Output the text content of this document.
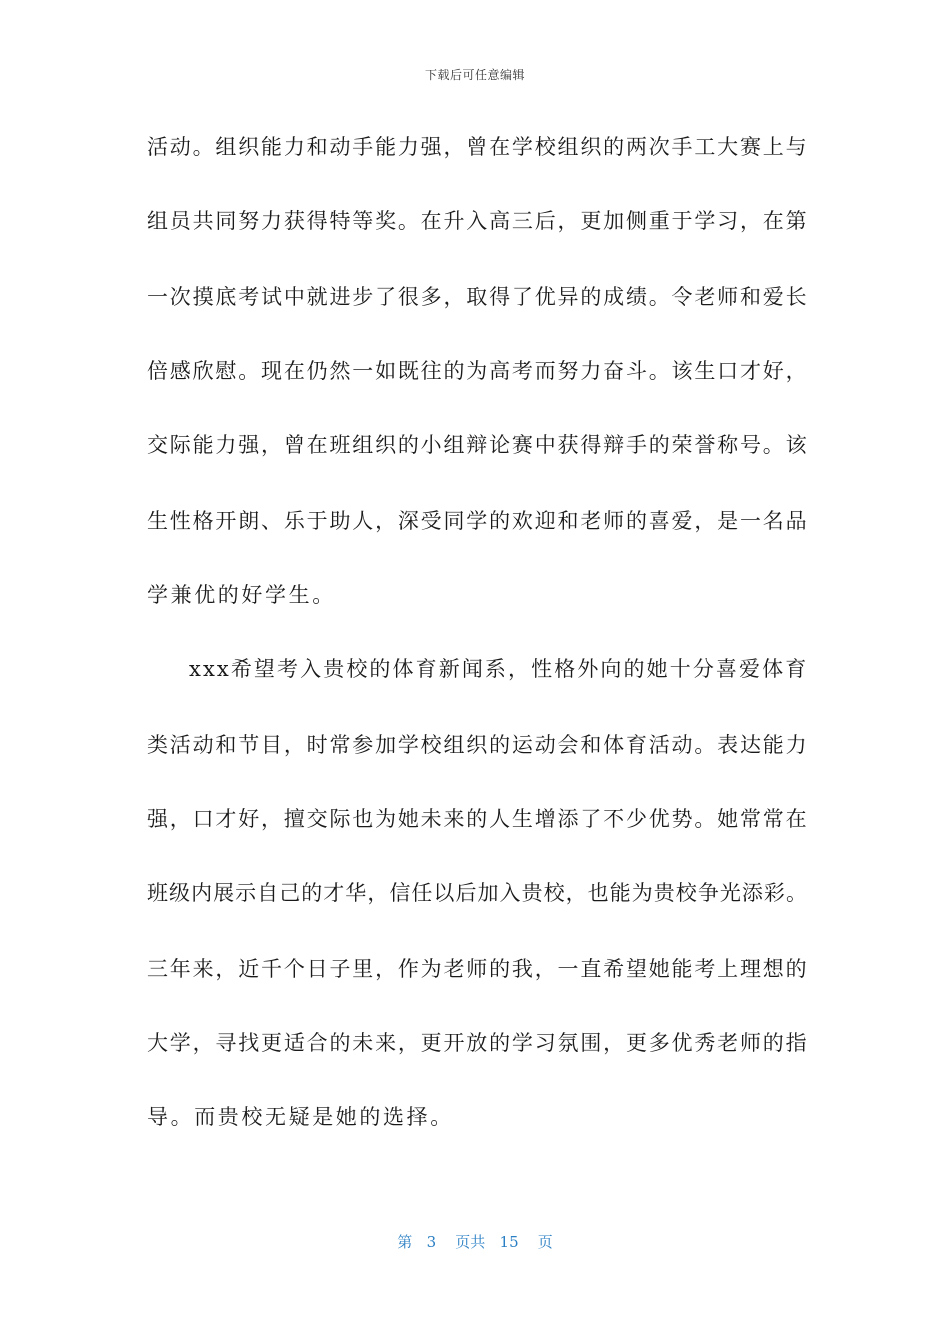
下载后可任意编辑
活动。组织能力和动手能力强，曾在学校组织的两次手工大赛上与
组员共同努力获得特等奖。在升入高三后，更加侧重于学习，在第
一次摸底考试中就进步了很多，取得了优异的成绩。令老师和爱长
倍感欣慰。现在仍然一如既往的为高考而努力奋斗。该生口才好，
交际能力强，曾在班组织的小组辩论赛中获得辩手的荣誉称号。该
生性格开朗、乐于助人，深受同学的欢迎和老师的喜爱，是一名品
学兼优的好学生。
xxx希望考入贵校的体育新闻系，性格外向的她十分喜爱体育
类活动和节目，时常参加学校组织的运动会和体育活动。表达能力
强，口才好，擅交际也为她未来的人生增添了不少优势。她常常在
班级内展示自己的才华，信任以后加入贵校，也能为贵校争光添彩。
三年来，近千个日子里，作为老师的我，一直希望她能考上理想的
大学，寻找更适合的未来，更开放的学习氛围，更多优秀老师的指
导。而贵校无疑是她的选择。
第 3 页共 15 页
